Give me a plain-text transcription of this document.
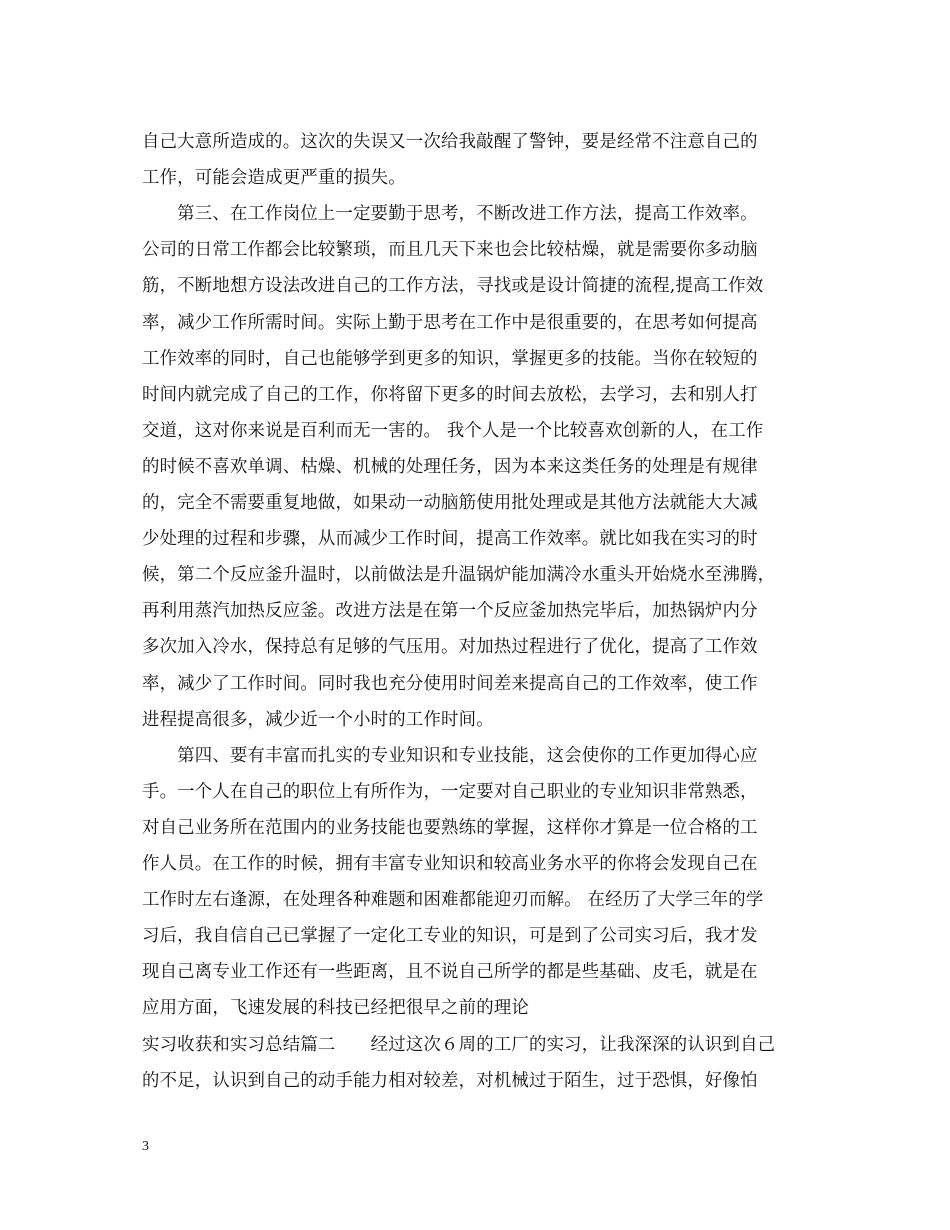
自己大意所造成的。这次的失误又一次给我敲醒了警钟，要是经常不注意自己的
工作，可能会造成更严重的损失。
　　第三、在工作岗位上一定要勤于思考，不断改进工作方法，提高工作效率。
公司的日常工作都会比较繁琐，而且几天下来也会比较枯燥，就是需要你多动脑
筋，不断地想方设法改进自己的工作方法，寻找或是设计简捷的流程,提高工作效
率，减少工作所需时间。实际上勤于思考在工作中是很重要的，在思考如何提高
工作效率的同时，自己也能够学到更多的知识，掌握更多的技能。当你在较短的
时间内就完成了自己的工作，你将留下更多的时间去放松，去学习，去和别人打
交道，这对你来说是百利而无一害的。 我个人是一个比较喜欢创新的人，在工作
的时候不喜欢单调、枯燥、机械的处理任务，因为本来这类任务的处理是有规律
的，完全不需要重复地做，如果动一动脑筋使用批处理或是其他方法就能大大减
少处理的过程和步骤，从而减少工作时间，提高工作效率。就比如我在实习的时
候，第二个反应釜升温时，以前做法是升温锅炉能加满冷水重头开始烧水至沸腾，
再利用蒸汽加热反应釜。改进方法是在第一个反应釜加热完毕后，加热锅炉内分
多次加入冷水，保持总有足够的气压用。对加热过程进行了优化，提高了工作效
率，减少了工作时间。同时我也充分使用时间差来提高自己的工作效率，使工作
进程提高很多，减少近一个小时的工作时间。
　　第四、要有丰富而扎实的专业知识和专业技能，这会使你的工作更加得心应
手。一个人在自己的职位上有所作为，一定要对自己职业的专业知识非常熟悉，
对自己业务所在范围内的业务技能也要熟练的掌握，这样你才算是一位合格的工
作人员。在工作的时候，拥有丰富专业知识和较高业务水平的你将会发现自己在
工作时左右逢源，在处理各种难题和困难都能迎刃而解。 在经历了大学三年的学
习后，我自信自己已掌握了一定化工专业的知识，可是到了公司实习后，我才发
现自己离专业工作还有一些距离，且不说自己所学的都是些基础、皮毛，就是在
应用方面，飞速发展的科技已经把很早之前的理论
实习收获和实习总结篇二　　经过这次６周的工厂的实习，让我深深的认识到自己
的不足，认识到自己的动手能力相对较差，对机械过于陌生，过于恐惧，好像怕
3
